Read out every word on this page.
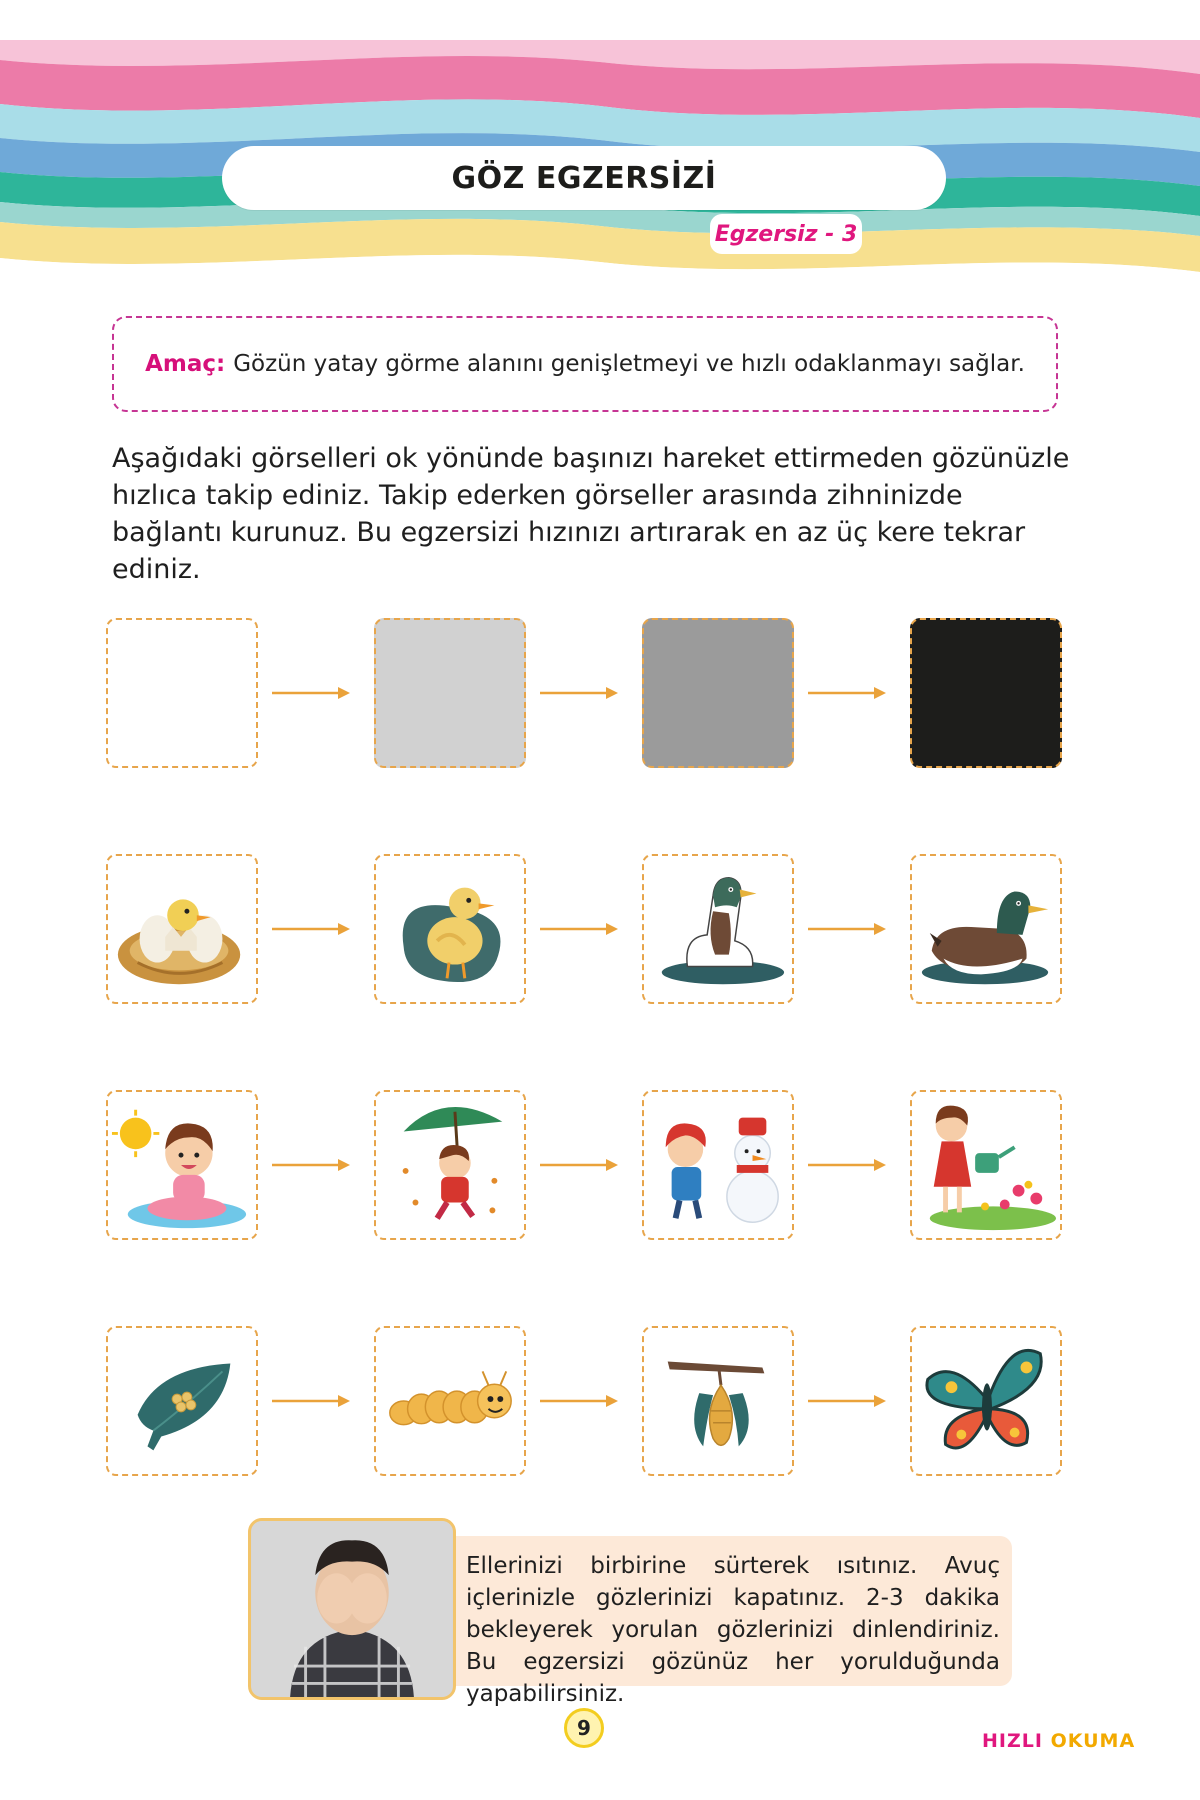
GÖZ EGZERSİZİ
Egzersiz - 3
Amaç: Gözün yatay görme alanını genişletmeyi ve hızlı odaklanmayı sağlar.

Aşağıdaki görselleri ok yönünde başınızı hareket ettirmeden gözünüzle hızlıca takip ediniz. Takip ederken görseller arasında zihninizde bağlantı kurunuz. Bu egzersizi hızınızı artırarak en az üç kere tekrar ediniz.

Ellerinizi birbirine sürterek ısıtınız. Avuç içlerinizle gözlerinizi kapatınız. 2-3 dakika bekleyerek yorulan gözlerinizi dinlendiriniz. Bu egzersizi gözünüz her yorulduğunda yapabilirsiniz.

9
HIZLI OKUMA
